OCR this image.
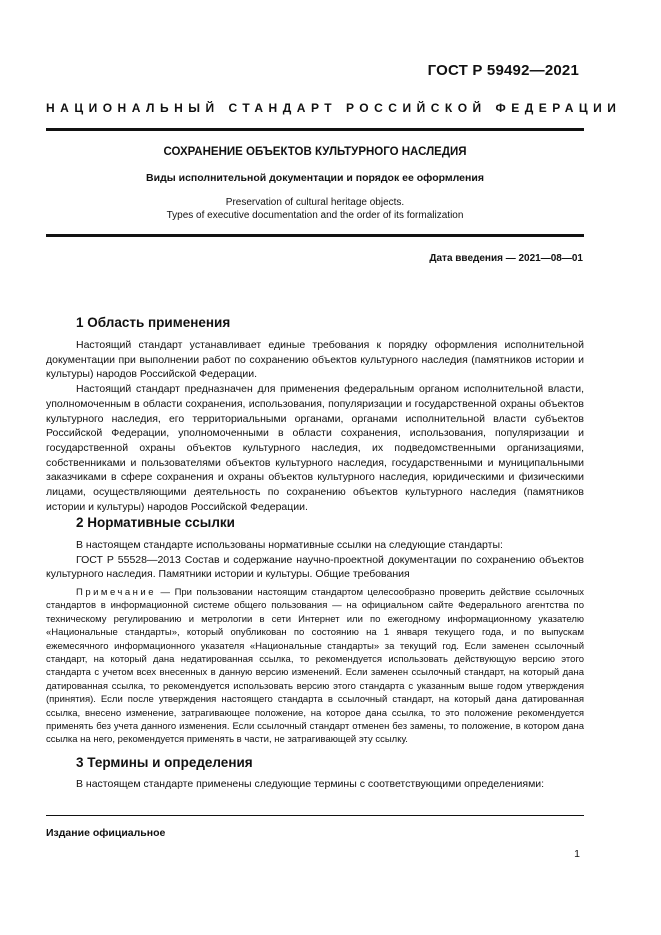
ГОСТ Р 59492—2021
НАЦИОНАЛЬНЫЙ СТАНДАРТ РОССИЙСКОЙ ФЕДЕРАЦИИ
СОХРАНЕНИЕ ОБЪЕКТОВ КУЛЬТУРНОГО НАСЛЕДИЯ
Виды исполнительной документации и порядок ее оформления
Preservation of cultural heritage objects.
Types of executive documentation and the order of its formalization
Дата введения — 2021—08—01
1 Область применения

Настоящий стандарт устанавливает единые требования к порядку оформления исполнительной документации при выполнении работ по сохранению объектов культурного наследия (памятников истории и культуры) народов Российской Федерации.

Настоящий стандарт предназначен для применения федеральным органом исполнительной власти, уполномоченным в области сохранения, использования, популяризации и государственной охраны объектов культурного наследия, его территориальными органами, органами исполнительной власти субъектов Российской Федерации, уполномоченными в области сохранения, использования, популяризации и государственной охраны объектов культурного наследия, их подведомственными организациями, собственниками и пользователями объектов культурного наследия, государственными и муниципальными заказчиками в сфере сохранения и охраны объектов культурного наследия, юридическими и физическими лицами, осуществляющими деятельность по сохранению объектов культурного наследия (памятников истории и культуры) народов Российской Федерации.

2 Нормативные ссылки

В настоящем стандарте использованы нормативные ссылки на следующие стандарты:

ГОСТ Р 55528—2013 Состав и содержание научно-проектной документации по сохранению объектов культурного наследия. Памятники истории и культуры. Общие требования

Примечание — При пользовании настоящим стандартом целесообразно проверить действие ссылочных стандартов в информационной системе общего пользования — на официальном сайте Федерального агентства по техническому регулированию и метрологии в сети Интернет или по ежегодному информационному указателю «Национальные стандарты», который опубликован по состоянию на 1 января текущего года, и по выпускам ежемесячного информационного указателя «Национальные стандарты» за текущий год. Если заменен ссылочный стандарт, на который дана недатированная ссылка, то рекомендуется использовать действующую версию этого стандарта с учетом всех внесенных в данную версию изменений. Если заменен ссылочный стандарт, на который дана датированная ссылка, то рекомендуется использовать версию этого стандарта с указанным выше годом утверждения (принятия). Если после утверждения настоящего стандарта в ссылочный стандарт, на который дана датированная ссылка, внесено изменение, затрагивающее положение, на которое дана ссылка, то это положение рекомендуется применять без учета данного изменения. Если ссылочный стандарт отменен без замены, то положение, в котором дана ссылка на него, рекомендуется применять в части, не затрагивающей эту ссылку.

3 Термины и определения

В настоящем стандарте применены следующие термины с соответствующими определениями:

Издание официальное
1
